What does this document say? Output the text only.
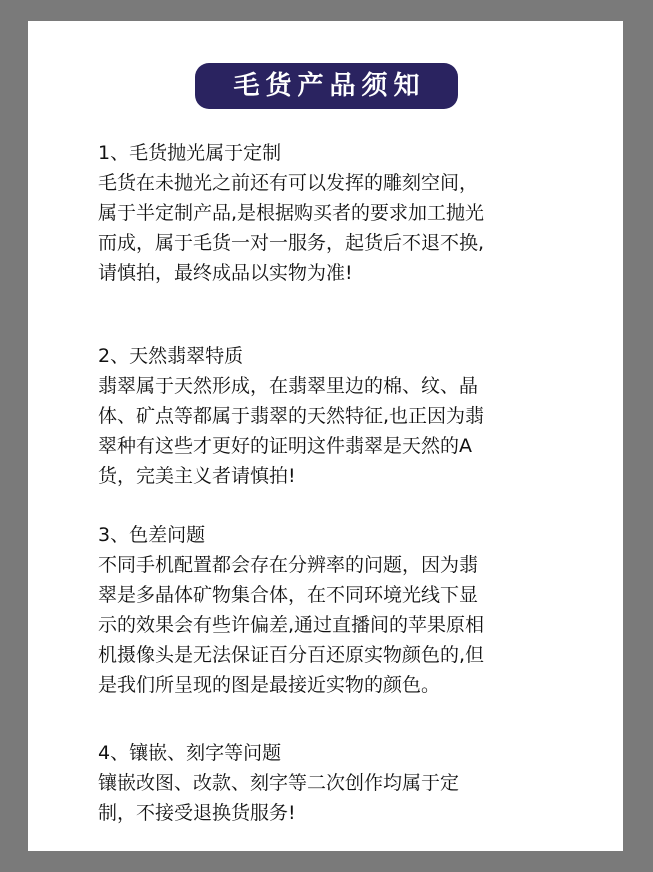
毛货产品须知
1、毛货抛光属于定制
毛货在未抛光之前还有可以发挥的雕刻空间，
属于半定制产品,是根据购买者的要求加工抛光
而成，属于毛货一对一服务，起货后不退不换,
请慎拍，最终成品以实物为准!
2、天然翡翠特质
翡翠属于天然形成，在翡翠里边的棉、纹、晶
体、矿点等都属于翡翠的天然特征,也正因为翡
翠种有这些才更好的证明这件翡翠是天然的A
货，完美主义者请慎拍!
3、色差问题
不同手机配置都会存在分辨率的问题，因为翡
翠是多晶体矿物集合体，在不同环境光线下显
示的效果会有些许偏差,通过直播间的苹果原相
机摄像头是无法保证百分百还原实物颜色的,但
是我们所呈现的图是最接近实物的颜色。
4、镶嵌、刻字等问题
镶嵌改图、改款、刻字等二次创作均属于定
制，不接受退换货服务!
